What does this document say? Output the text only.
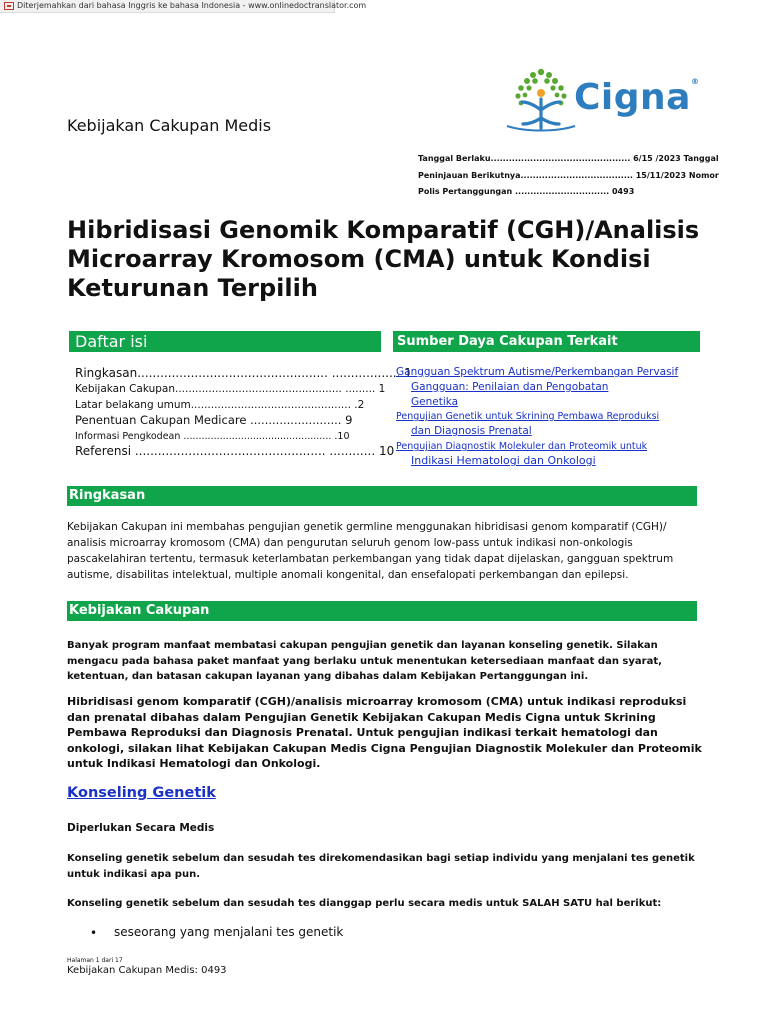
Diterjemahkan dari bahasa Inggris ke bahasa Indonesia - www.onlinedoctranslator.com
Kebijakan Cakupan Medis
Cigna®
Tanggal Berlaku.............................................. 6/15 /2023 Tanggal
Peninjauan Berikutnya..................................... 15/11/2023 Nomor
Polis Pertanggungan ............................... 0493
Hibridisasi Genomik Komparatif (CGH)/Analisis Microarray Kromosom (CMA) untuk Kondisi Keturunan Terpilih
Daftar isi
Ringkasan.................................................. .................. 1
Kebijakan Cakupan.................................................. ......... 1
Latar belakang umum................................................ .2
Penentuan Cakupan Medicare ......................... 9
Informasi Pengkodean ................................................. .10
Referensi .................................................. ............ 10
Sumber Daya Cakupan Terkait
Gangguan Spektrum Autisme/Perkembangan Pervasif
Gangguan: Penilaian dan Pengobatan
Genetika
Pengujian Genetik untuk Skrining Pembawa Reproduksi
dan Diagnosis Prenatal
Pengujian Diagnostik Molekuler dan Proteomik untuk
Indikasi Hematologi dan Onkologi
Ringkasan
Kebijakan Cakupan ini membahas pengujian genetik germline menggunakan hibridisasi genom komparatif (CGH)/ analisis microarray kromosom (CMA) dan pengurutan seluruh genom low-pass untuk indikasi non-onkologis pascakelahiran tertentu, termasuk keterlambatan perkembangan yang tidak dapat dijelaskan, gangguan spektrum autisme, disabilitas intelektual, multiple anomali kongenital, dan ensefalopati perkembangan dan epilepsi.
Kebijakan Cakupan
Banyak program manfaat membatasi cakupan pengujian genetik dan layanan konseling genetik. Silakan mengacu pada bahasa paket manfaat yang berlaku untuk menentukan ketersediaan manfaat dan syarat, ketentuan, dan batasan cakupan layanan yang dibahas dalam Kebijakan Pertanggungan ini.
Hibridisasi genom komparatif (CGH)/analisis microarray kromosom (CMA) untuk indikasi reproduksi dan prenatal dibahas dalam Pengujian Genetik Kebijakan Cakupan Medis Cigna untuk Skrining Pembawa Reproduksi dan Diagnosis Prenatal. Untuk pengujian indikasi terkait hematologi dan onkologi, silakan lihat Kebijakan Cakupan Medis Cigna Pengujian Diagnostik Molekuler dan Proteomik untuk Indikasi Hematologi dan Onkologi.
Konseling Genetik
Diperlukan Secara Medis
Konseling genetik sebelum dan sesudah tes direkomendasikan bagi setiap individu yang menjalani tes genetik untuk indikasi apa pun.
Konseling genetik sebelum dan sesudah tes dianggap perlu secara medis untuk SALAH SATU hal berikut:
• seseorang yang menjalani tes genetik
Halaman 1 dari 17
Kebijakan Cakupan Medis: 0493
